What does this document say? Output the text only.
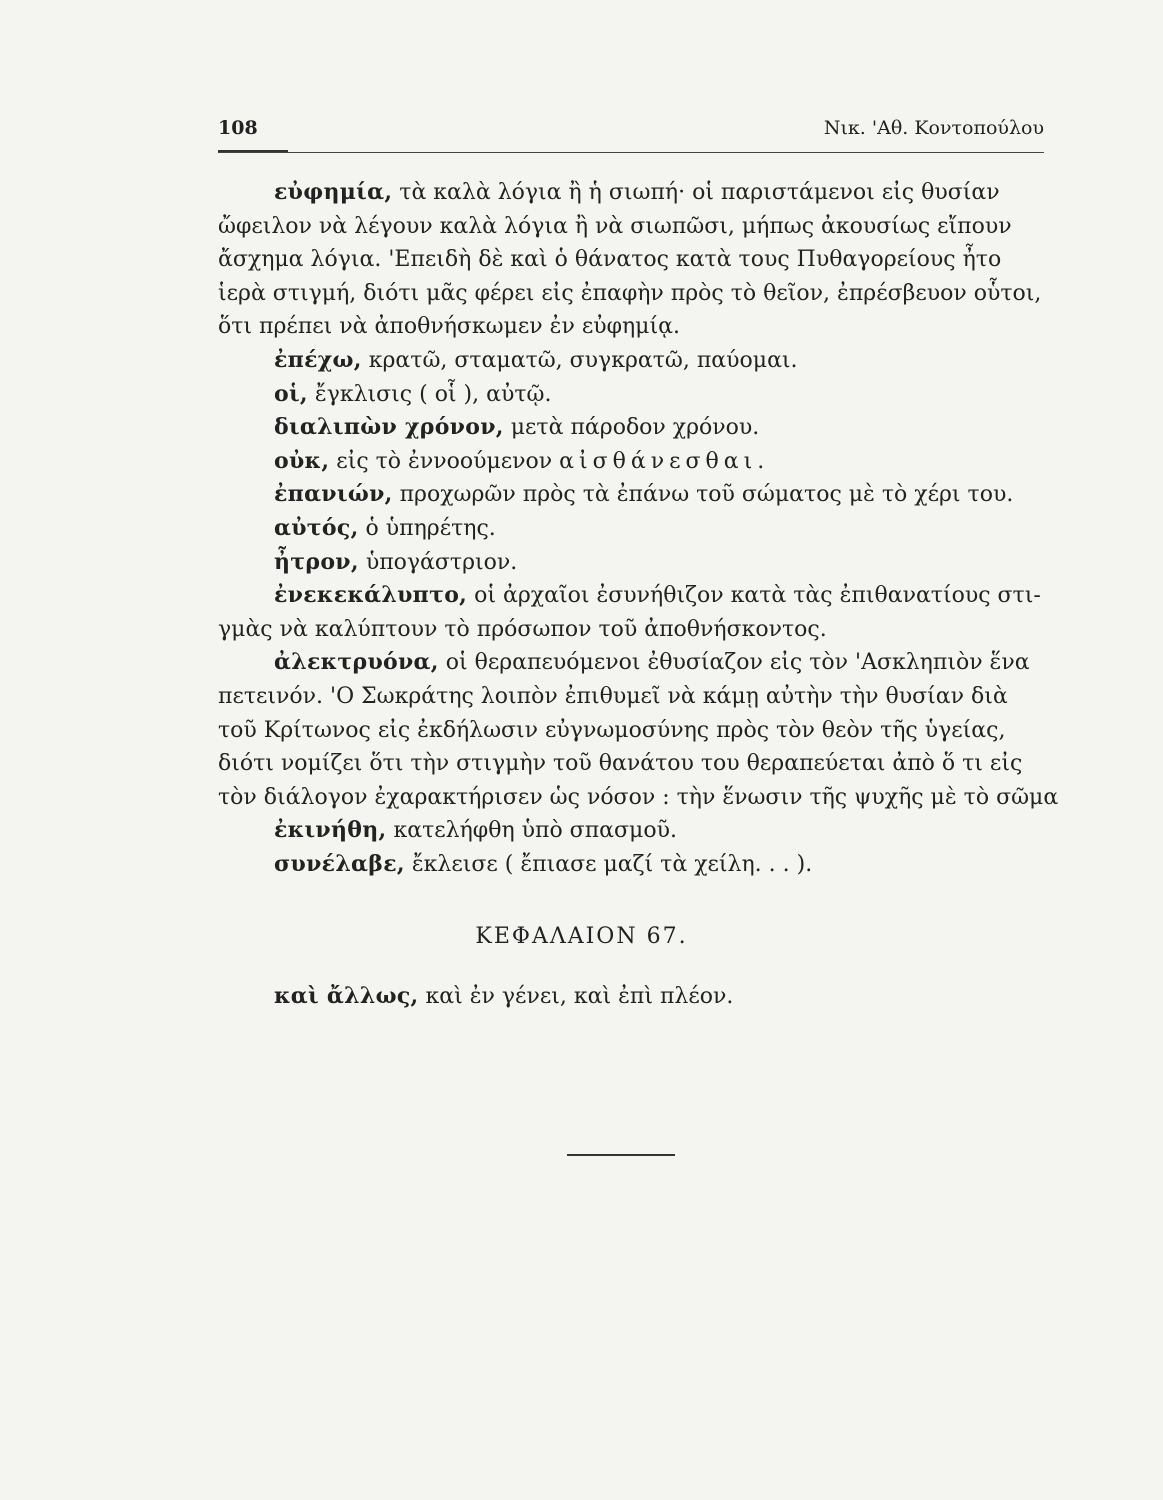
108	Νικ. 'Αθ. Κοντοπούλου
εὐφημία, τὰ καλὰ λόγια ἢ ἡ σιωπή· οἱ παριστάμενοι εἰς θυσίαν
ὤφειλον νὰ λέγουν καλὰ λόγια ἢ νὰ σιωπῶσι, μήπως ἀκουσίως εἴπουν
ἄσχημα λόγια. 'Επειδὴ δὲ καὶ ὁ θάνατος κατὰ τους Πυθαγορείους ἦτο
ἱερὰ στιγμή, διότι μᾶς φέρει εἰς ἐπαφὴν πρὸς τὸ θεῖον, ἐπρέσβευον οὗτοι,
ὅτι πρέπει νὰ ἀποθνήσκωμεν ἐν εὐφημίᾳ.
ἐπέχω, κρατῶ, σταματῶ, συγκρατῶ, παύομαι.
οἱ, ἔγκλισις ( οἷ ), αὐτῷ.
διαλιπὼν χρόνον, μετὰ πάροδον χρόνου.
οὐκ, εἰς τὸ ἐννοούμενον αἰσθάνεσθαι.
ἐπανιών, προχωρῶν πρὸς τὰ ἐπάνω τοῦ σώματος μὲ τὸ χέρι του.
αὐτός, ὁ ὑπηρέτης.
ἦτρον, ὑπογάστριον.
ἐνεκεκάλυπτο, οἱ ἀρχαῖοι ἐσυνήθιζον κατὰ τὰς ἐπιθανατίους στι-
γμὰς νὰ καλύπτουν τὸ πρόσωπον τοῦ ἀποθνήσκοντος.
ἀλεκτρυόνα, οἱ θεραπευόμενοι ἐθυσίαζον εἰς τὸν 'Ασκληπιὸν ἕνα
πετεινόν. 'Ο Σωκράτης λοιπὸν ἐπιθυμεῖ νὰ κάμῃ αὐτὴν τὴν θυσίαν διὰ
τοῦ Κρίτωνος εἰς ἐκδήλωσιν εὐγνωμοσύνης πρὸς τὸν θεὸν τῆς ὑγείας,
διότι νομίζει ὅτι τὴν στιγμὴν τοῦ θανάτου του θεραπεύεται ἀπὸ ὅ τι εἰς
τὸν διάλογον ἐχαρακτήρισεν ὡς νόσον : τὴν ἕνωσιν τῆς ψυχῆς μὲ τὸ σῶμα
ἐκινήθη, κατελήφθη ὑπὸ σπασμοῦ.
συνέλαβε, ἔκλεισε ( ἔπιασε μαζί τὰ χείλη. . . ).
ΚΕΦΑΛΑΙΟΝ 67.
καὶ ἄλλως, καὶ ἐν γένει, καὶ ἐπὶ πλέον.
